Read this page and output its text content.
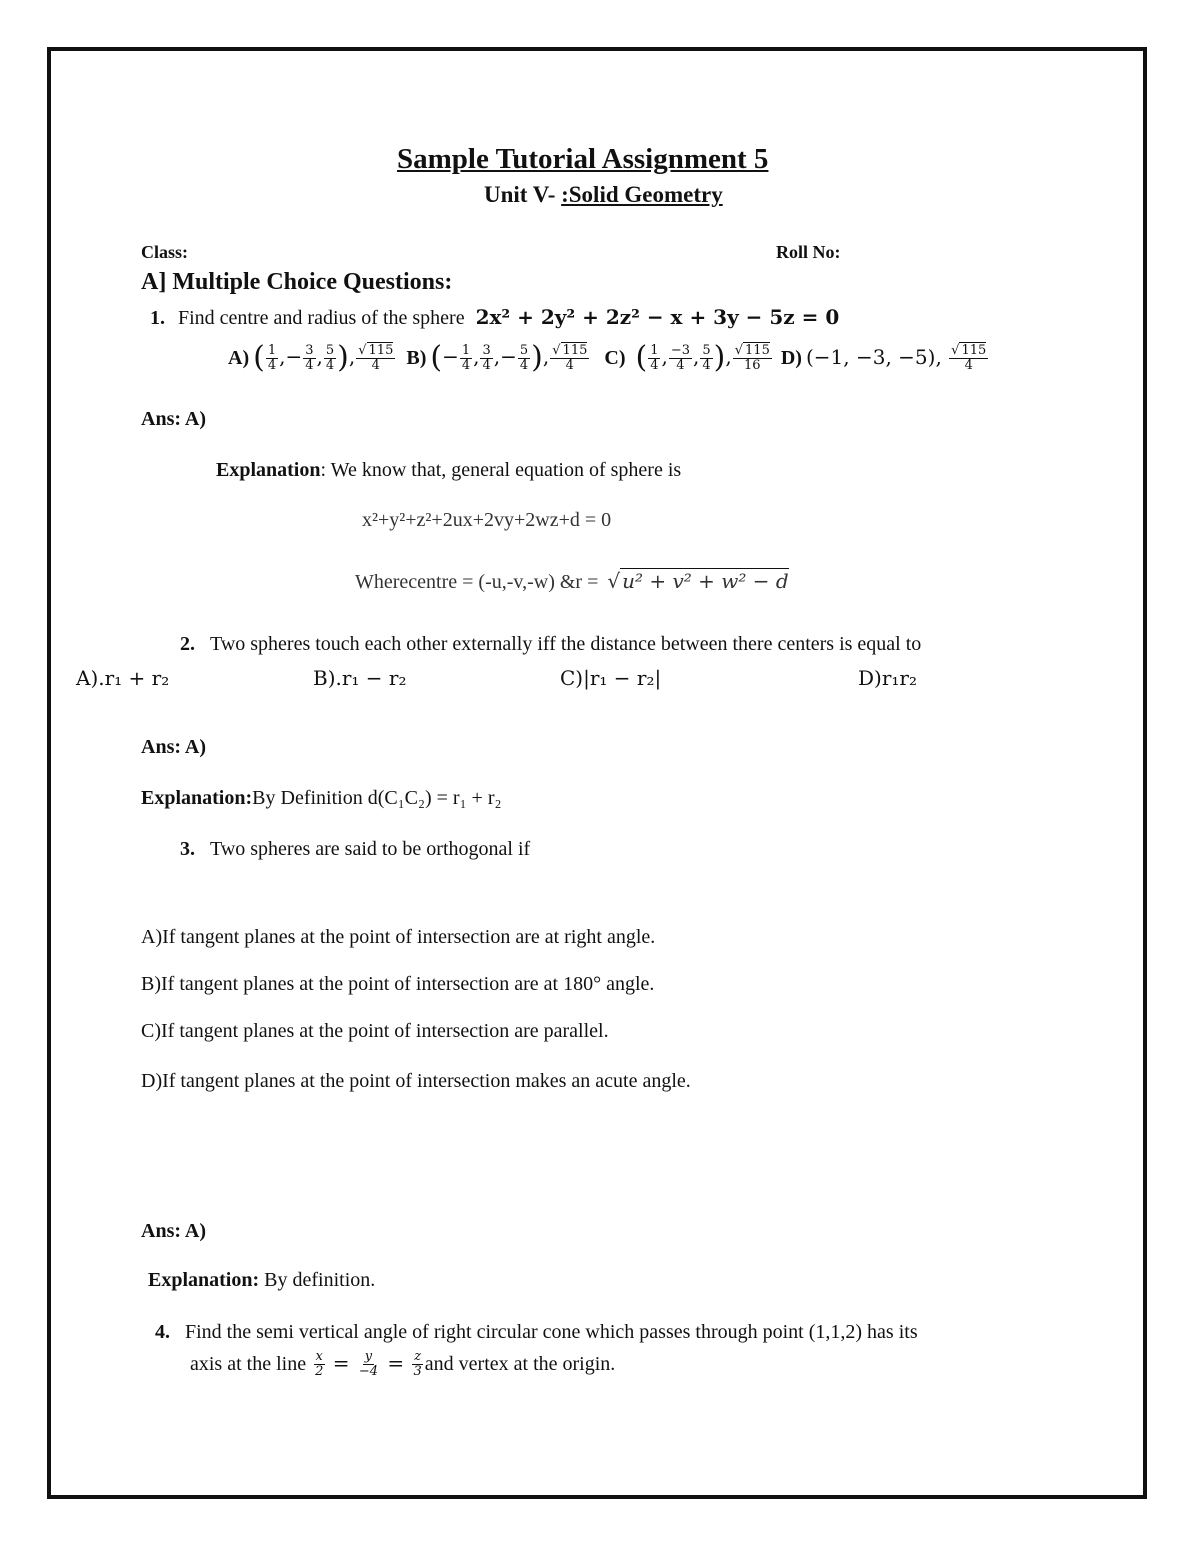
Sample Tutorial Assignment 5
Unit V- :Solid Geometry
Class:	Roll No:
A] Multiple Choice Questions:
1. Find centre and radius of the sphere 2x² + 2y² + 2z² − x + 3y − 5z = 0
A) ( $\frac{1}{4}$ ,− $\frac{3}{4}$ , $\frac{5}{4}$ ), $\frac{√ 115}{4} B$) (− $\frac{1}{4}$ , $\frac{3}{4}$ ,− $\frac{5}{4}$ ), $\frac{√ 115}{4} C$) ( $\frac{1}{4}$ , $\frac{-3}{4}$ , $\frac{5}{4}$ ), $\frac{√ 115}{16} D$) (−1, −3, −5), $\frac{√ 115}{4}$
Ans: A)
Explanation: We know that, general equation of sphere is
x²+y²+z²+2ux+2vy+2wz+d = 0
Wherecentre = (-u,-v,-w) &r = √ u² + v² + w² − d
2. Two spheres touch each other externally iff the distance between there centers is equal to
A).r₁ + r₂	B).r₁ − r₂	C)|r₁ − r₂|	D)r₁r₂
Ans: A)
Explanation:By Definition d(C₁C₂) = r₁ + r₂
3. Two spheres are said to be orthogonal if
A)If tangent planes at the point of intersection are at right angle.
B)If tangent planes at the point of intersection are at 180° angle.
C)If tangent planes at the point of intersection are parallel.
D)If tangent planes at the point of intersection makes an acute angle.
Ans: A)
Explanation: By definition.
4. Find the semi vertical angle of right circular cone which passes through point (1,1,2) has its
axis at the line $\frac{x}{2} = \frac{y}{-4} = \frac{z}{3}$ and vertex at the origin.
